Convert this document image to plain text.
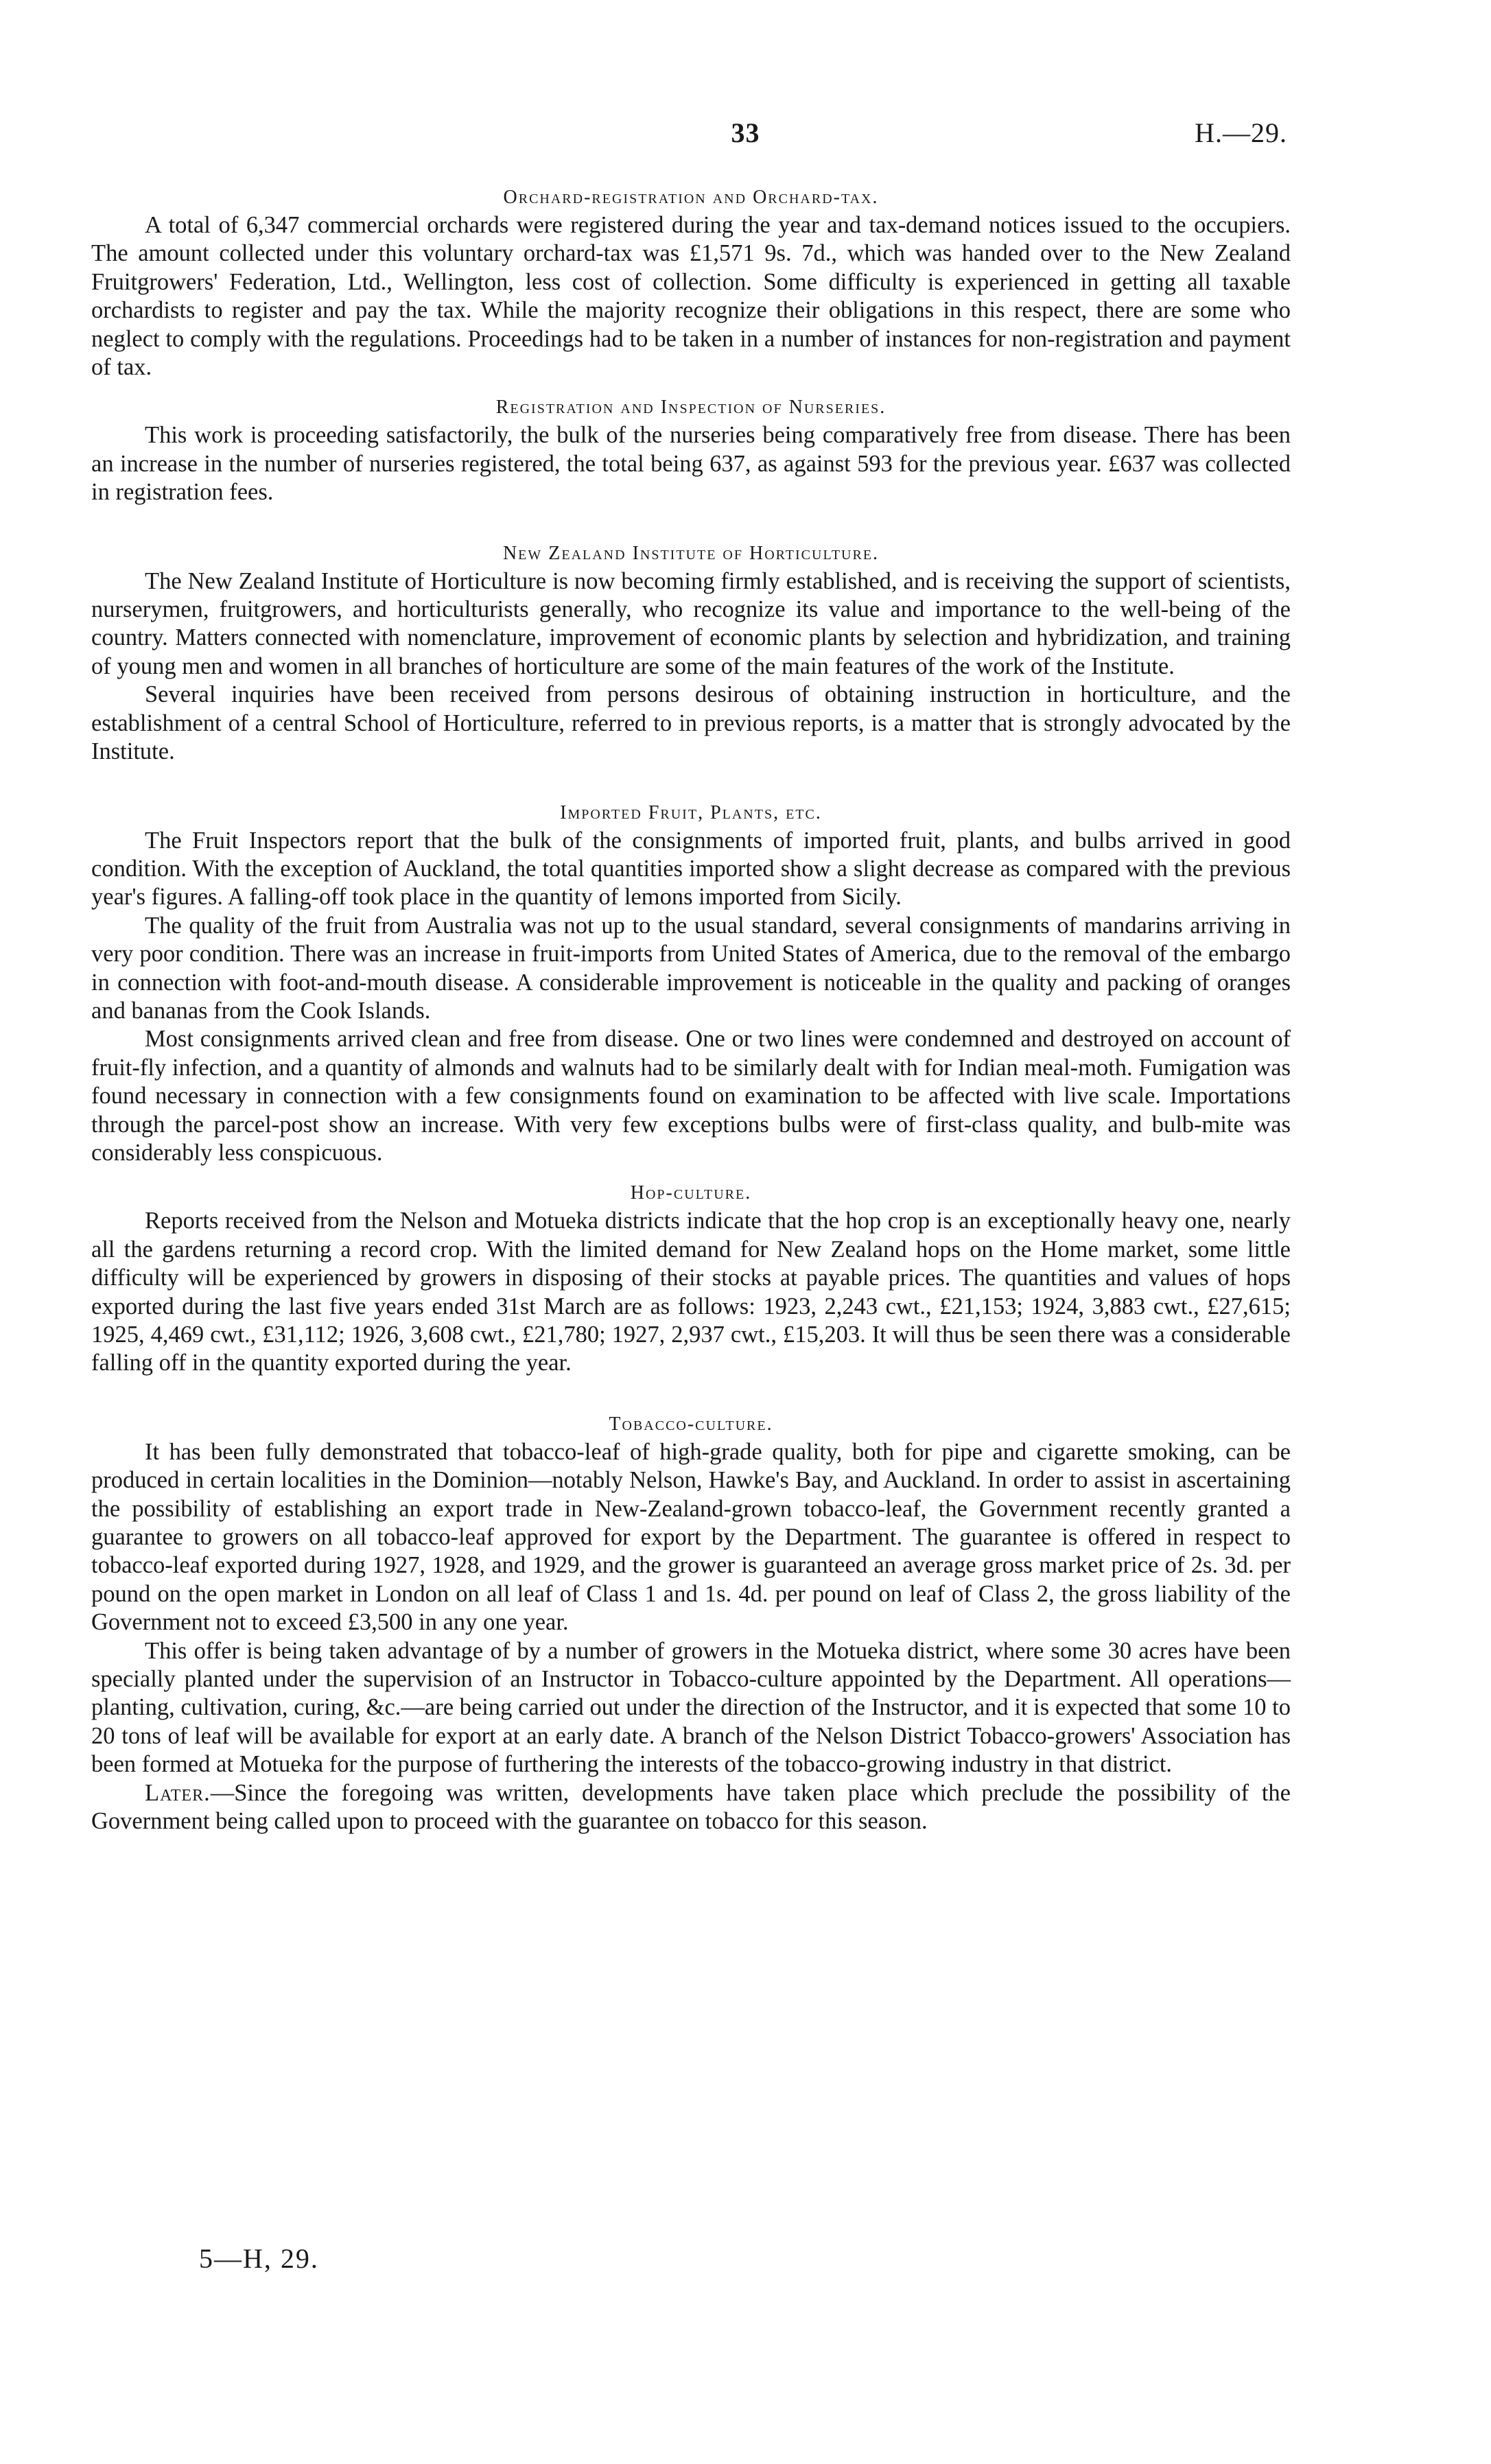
33	H.—29.
Orchard-registration and Orchard-tax.

A total of 6,347 commercial orchards were registered during the year and tax-demand notices issued to the occupiers. The amount collected under this voluntary orchard-tax was £1,571 9s. 7d., which was handed over to the New Zealand Fruitgrowers' Federation, Ltd., Wellington, less cost of collection. Some difficulty is experienced in getting all taxable orchardists to register and pay the tax. While the majority recognize their obligations in this respect, there are some who neglect to comply with the regulations. Proceedings had to be taken in a number of instances for non-registration and payment of tax.

Registration and Inspection of Nurseries.

This work is proceeding satisfactorily, the bulk of the nurseries being comparatively free from disease. There has been an increase in the number of nurseries registered, the total being 637, as against 593 for the previous year. £637 was collected in registration fees.

New Zealand Institute of Horticulture.

The New Zealand Institute of Horticulture is now becoming firmly established, and is receiving the support of scientists, nurserymen, fruitgrowers, and horticulturists generally, who recognize its value and importance to the well-being of the country. Matters connected with nomenclature, improvement of economic plants by selection and hybridization, and training of young men and women in all branches of horticulture are some of the main features of the work of the Institute.

Several inquiries have been received from persons desirous of obtaining instruction in horticulture, and the establishment of a central School of Horticulture, referred to in previous reports, is a matter that is strongly advocated by the Institute.

Imported Fruit, Plants, etc.

The Fruit Inspectors report that the bulk of the consignments of imported fruit, plants, and bulbs arrived in good condition. With the exception of Auckland, the total quantities imported show a slight decrease as compared with the previous year's figures. A falling-off took place in the quantity of lemons imported from Sicily.

The quality of the fruit from Australia was not up to the usual standard, several consignments of mandarins arriving in very poor condition. There was an increase in fruit-imports from United States of America, due to the removal of the embargo in connection with foot-and-mouth disease. A considerable improvement is noticeable in the quality and packing of oranges and bananas from the Cook Islands.

Most consignments arrived clean and free from disease. One or two lines were condemned and destroyed on account of fruit-fly infection, and a quantity of almonds and walnuts had to be similarly dealt with for Indian meal-moth. Fumigation was found necessary in connection with a few consignments found on examination to be affected with live scale. Importations through the parcel-post show an increase. With very few exceptions bulbs were of first-class quality, and bulb-mite was considerably less conspicuous.

Hop-culture.

Reports received from the Nelson and Motueka districts indicate that the hop crop is an exceptionally heavy one, nearly all the gardens returning a record crop. With the limited demand for New Zealand hops on the Home market, some little difficulty will be experienced by growers in disposing of their stocks at payable prices. The quantities and values of hops exported during the last five years ended 31st March are as follows: 1923, 2,243 cwt., £21,153; 1924, 3,883 cwt., £27,615; 1925, 4,469 cwt., £31,112; 1926, 3,608 cwt., £21,780; 1927, 2,937 cwt., £15,203. It will thus be seen there was a considerable falling off in the quantity exported during the year.

Tobacco-culture.

It has been fully demonstrated that tobacco-leaf of high-grade quality, both for pipe and cigarette smoking, can be produced in certain localities in the Dominion—notably Nelson, Hawke's Bay, and Auckland. In order to assist in ascertaining the possibility of establishing an export trade in New-Zealand-grown tobacco-leaf, the Government recently granted a guarantee to growers on all tobacco-leaf approved for export by the Department. The guarantee is offered in respect to tobacco-leaf exported during 1927, 1928, and 1929, and the grower is guaranteed an average gross market price of 2s. 3d. per pound on the open market in London on all leaf of Class 1 and 1s. 4d. per pound on leaf of Class 2, the gross liability of the Government not to exceed £3,500 in any one year.

This offer is being taken advantage of by a number of growers in the Motueka district, where some 30 acres have been specially planted under the supervision of an Instructor in Tobacco-culture appointed by the Department. All operations—planting, cultivation, curing, &c.—are being carried out under the direction of the Instructor, and it is expected that some 10 to 20 tons of leaf will be available for export at an early date. A branch of the Nelson District Tobacco-growers' Association has been formed at Motueka for the purpose of furthering the interests of the tobacco-growing industry in that district.

Later.—Since the foregoing was written, developments have taken place which preclude the possibility of the Government being called upon to proceed with the guarantee on tobacco for this season.

5—H, 29.
